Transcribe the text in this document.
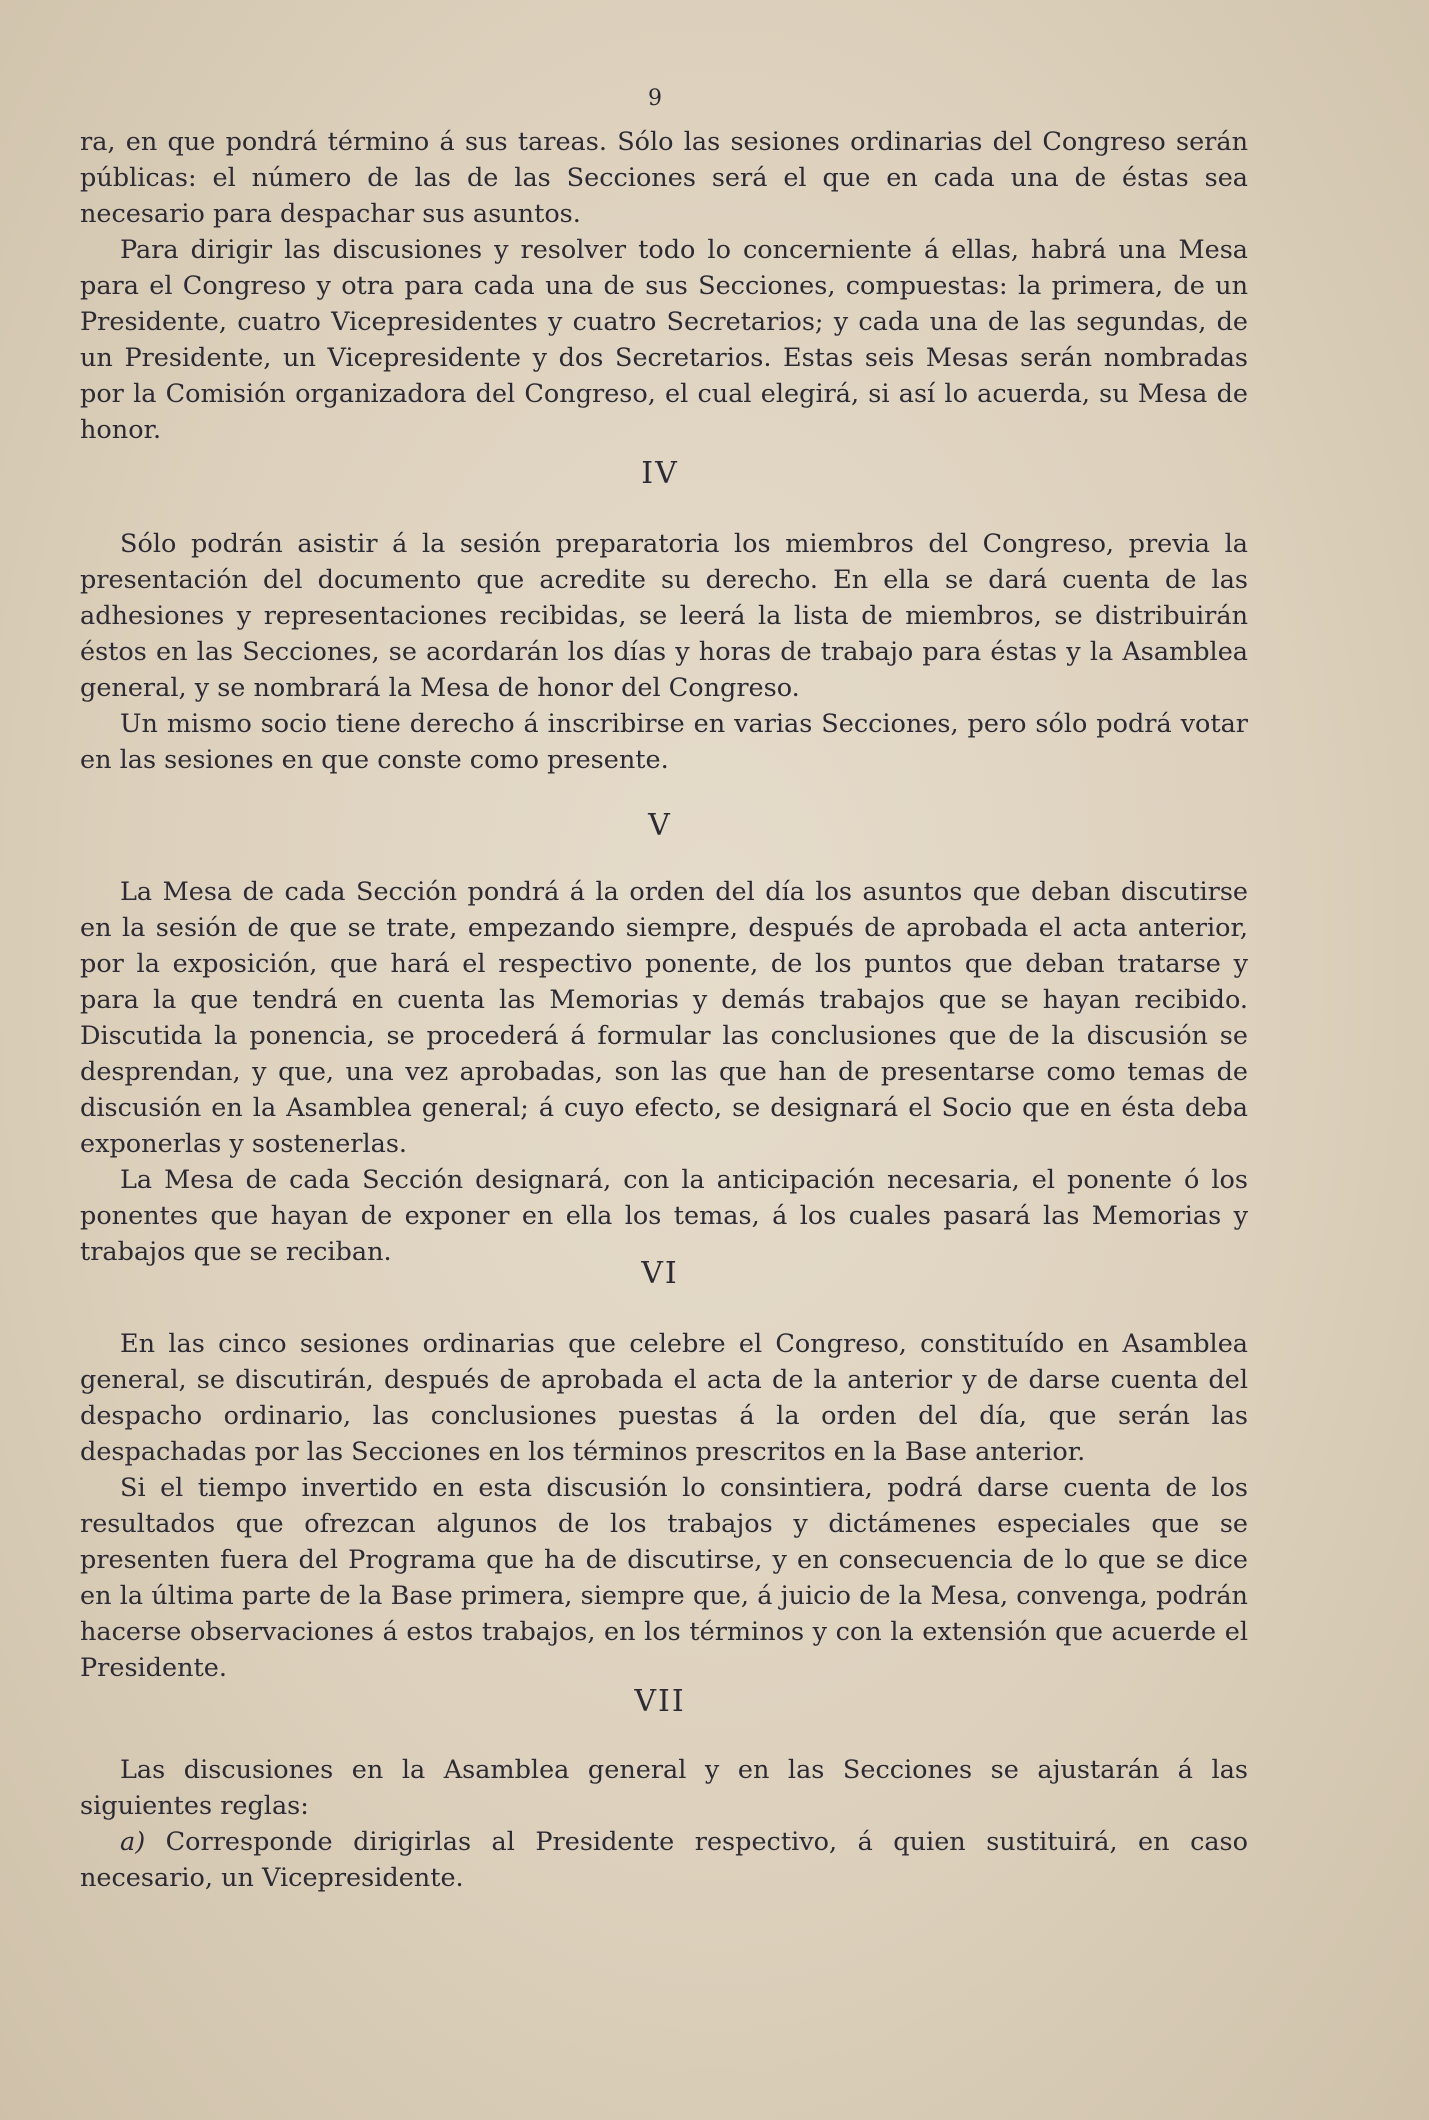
9

ra, en que pondrá término á sus tareas. Sólo las sesiones ordinarias del Congreso serán públicas: el número de las de las Secciones será el que en cada una de éstas sea necesario para despachar sus asuntos.

Para dirigir las discusiones y resolver todo lo concerniente á ellas, habrá una Mesa para el Congreso y otra para cada una de sus Secciones, compuestas: la primera, de un Presidente, cuatro Vicepresidentes y cuatro Secretarios; y cada una de las segundas, de un Presidente, un Vicepresidente y dos Secretarios. Estas seis Mesas serán nombradas por la Comisión organizadora del Congreso, el cual elegirá, si así lo acuerda, su Mesa de honor.

IV

Sólo podrán asistir á la sesión preparatoria los miembros del Congreso, previa la presentación del documento que acredite su derecho. En ella se dará cuenta de las adhesiones y representaciones recibidas, se leerá la lista de miembros, se distribuirán éstos en las Secciones, se acordarán los días y horas de trabajo para éstas y la Asamblea general, y se nombrará la Mesa de honor del Congreso.

Un mismo socio tiene derecho á inscribirse en varias Secciones, pero sólo podrá votar en las sesiones en que conste como presente.

V

La Mesa de cada Sección pondrá á la orden del día los asuntos que deban discutirse en la sesión de que se trate, empezando siempre, después de aprobada el acta anterior, por la exposición, que hará el respectivo ponente, de los puntos que deban tratarse y para la que tendrá en cuenta las Memorias y demás trabajos que se hayan recibido. Discutida la ponencia, se procederá á formular las conclusiones que de la discusión se desprendan, y que, una vez aprobadas, son las que han de presentarse como temas de discusión en la Asamblea general; á cuyo efecto, se designará el Socio que en ésta deba exponerlas y sostenerlas.

La Mesa de cada Sección designará, con la anticipación necesaria, el ponente ó los ponentes que hayan de exponer en ella los temas, á los cuales pasará las Memorias y trabajos que se reciban.

VI

En las cinco sesiones ordinarias que celebre el Congreso, constituído en Asamblea general, se discutirán, después de aprobada el acta de la anterior y de darse cuenta del despacho ordinario, las conclusiones puestas á la orden del día, que serán las despachadas por las Secciones en los términos prescritos en la Base anterior.

Si el tiempo invertido en esta discusión lo consintiera, podrá darse cuenta de los resultados que ofrezcan algunos de los trabajos y dictámenes especiales que se presenten fuera del Programa que ha de discutirse, y en consecuencia de lo que se dice en la última parte de la Base primera, siempre que, á juicio de la Mesa, convenga, podrán hacerse observaciones á estos trabajos, en los términos y con la extensión que acuerde el Presidente.

VII

Las discusiones en la Asamblea general y en las Secciones se ajustarán á las siguientes reglas:

a) Corresponde dirigirlas al Presidente respectivo, á quien sustituirá, en caso necesario, un Vicepresidente.
